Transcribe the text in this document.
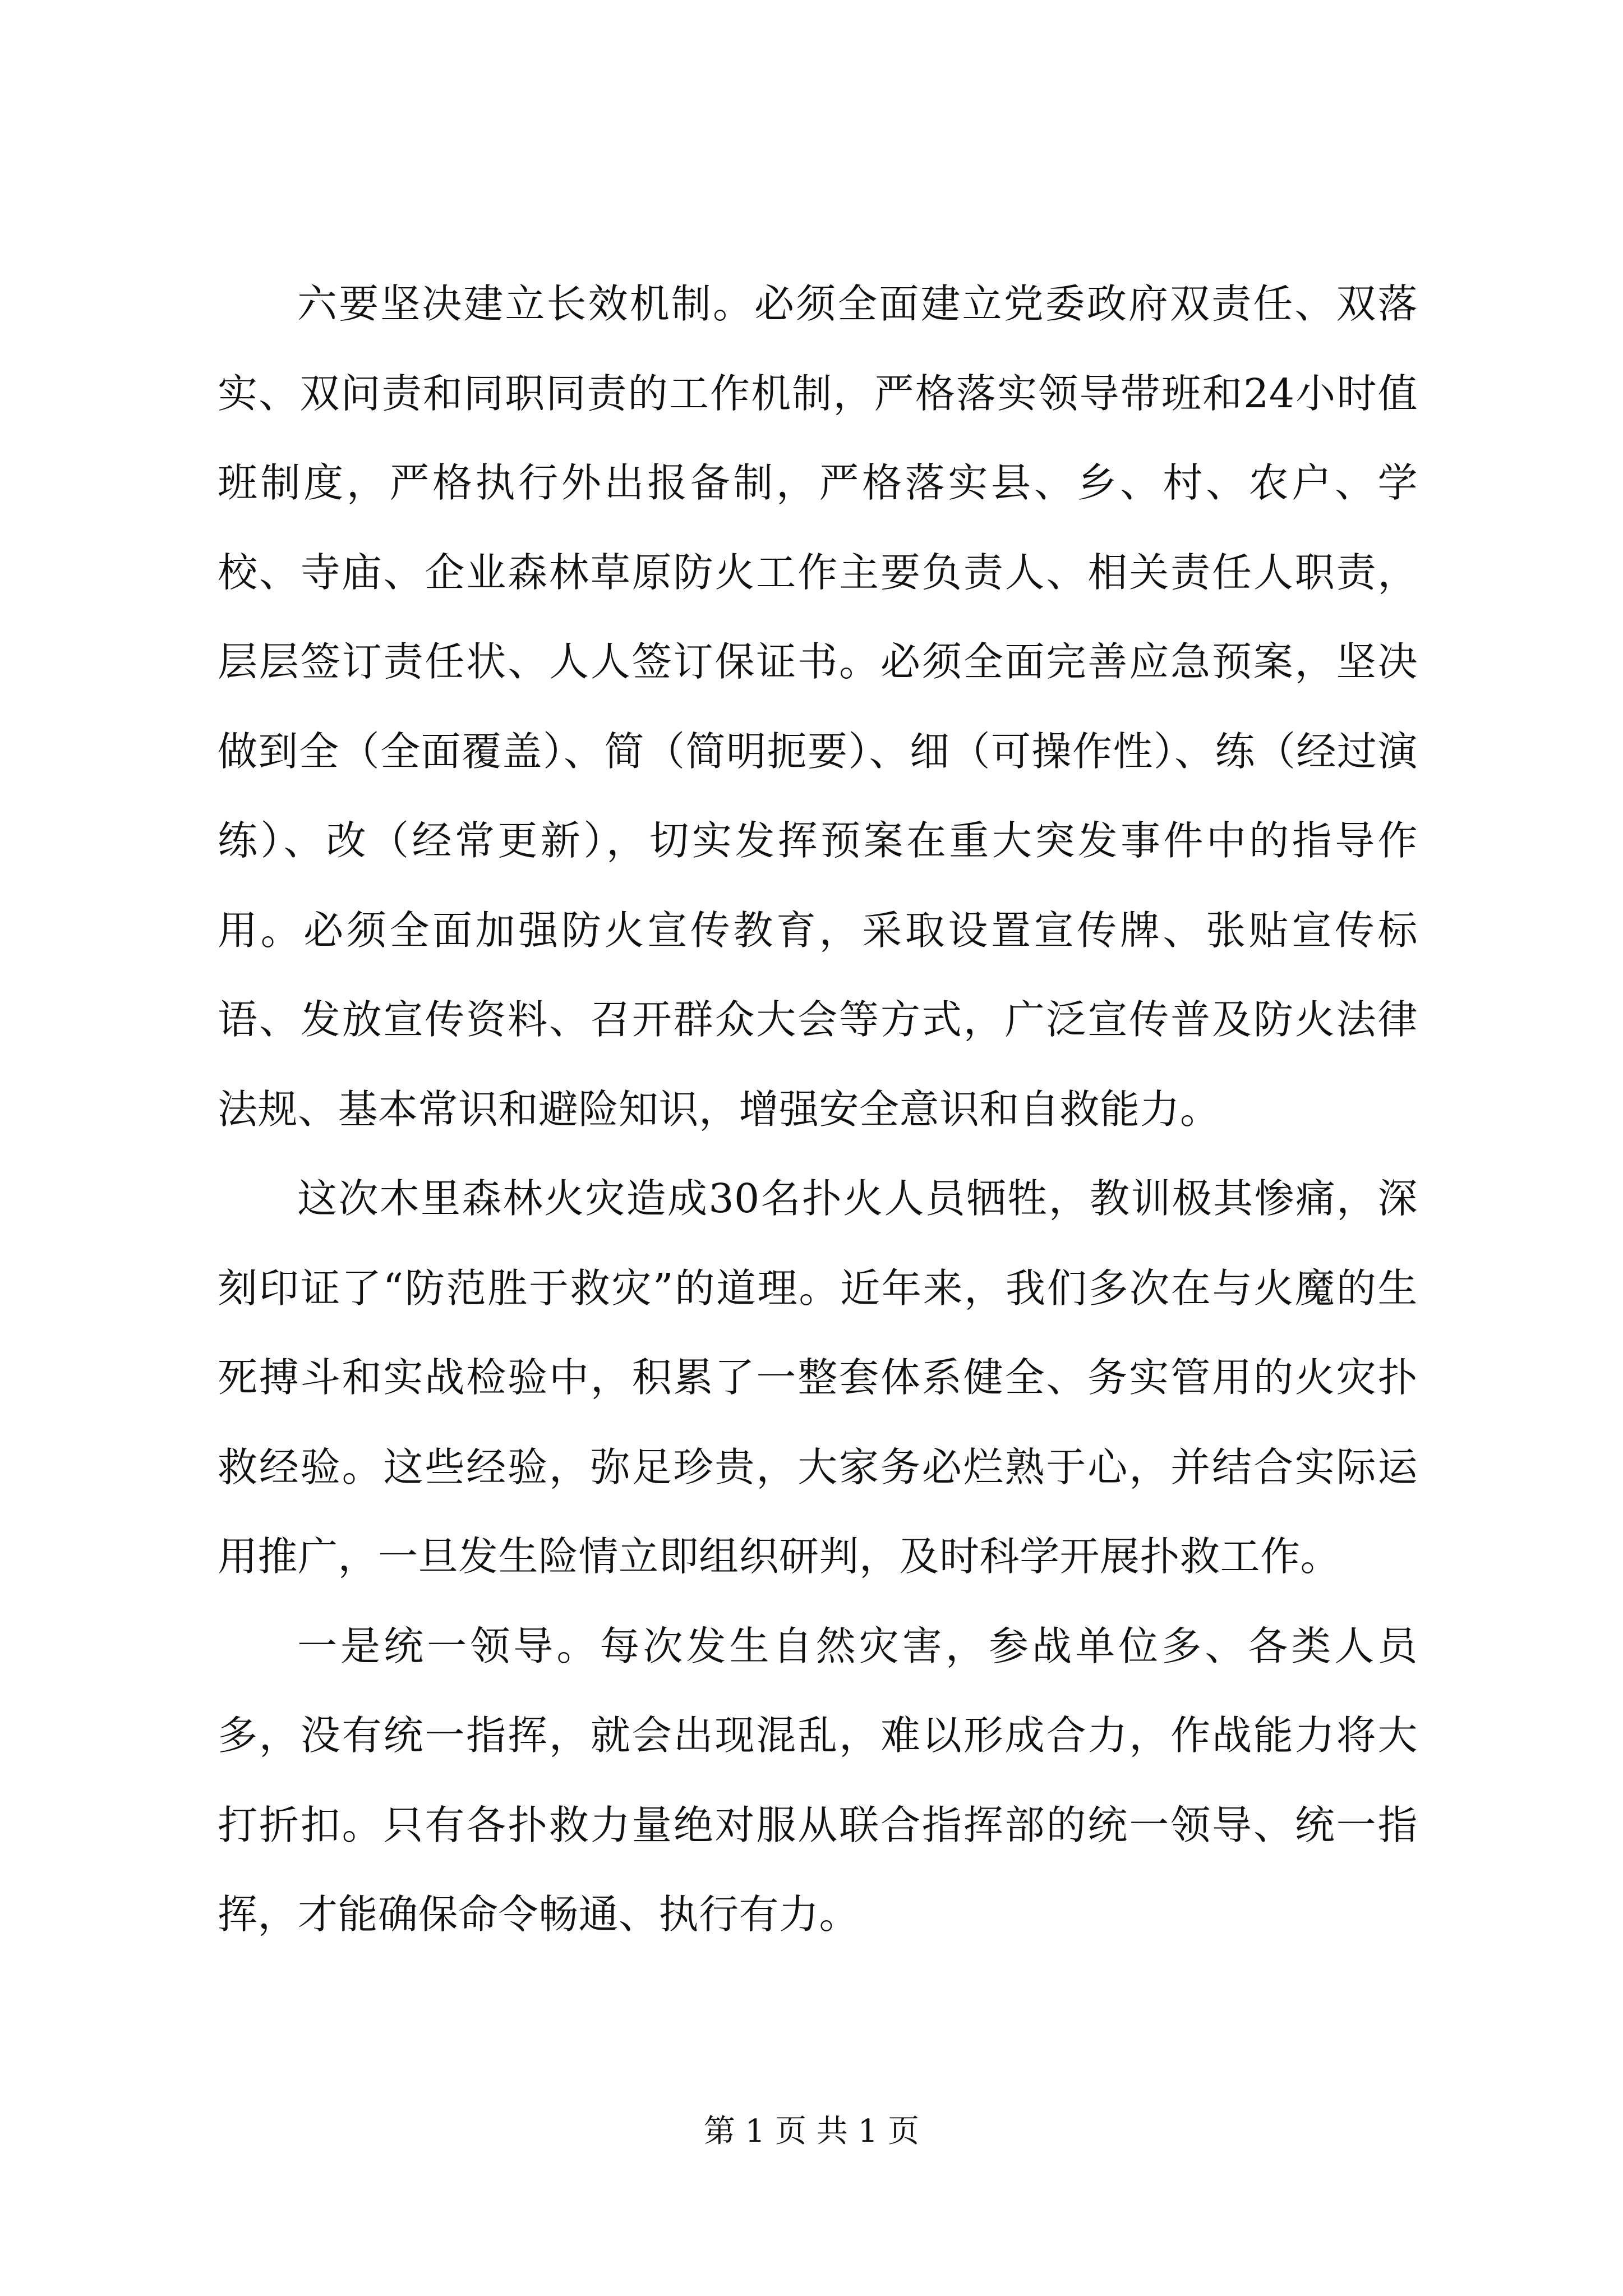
六要坚决建立长效机制。必须全面建立党委政府双责任、双落实、双问责和同职同责的工作机制，严格落实领导带班和24小时值班制度，严格执行外出报备制，严格落实县、乡、村、农户、学校、寺庙、企业森林草原防火工作主要负责人、相关责任人职责，层层签订责任状、人人签订保证书。必须全面完善应急预案，坚决做到全（全面覆盖）、简（简明扼要）、细（可操作性）、练（经过演练）、改（经常更新），切实发挥预案在重大突发事件中的指导作用。必须全面加强防火宣传教育，采取设置宣传牌、张贴宣传标语、发放宣传资料、召开群众大会等方式，广泛宣传普及防火法律法规、基本常识和避险知识，增强安全意识和自救能力。

这次木里森林火灾造成30名扑火人员牺牲，教训极其惨痛，深刻印证了“防范胜于救灾”的道理。近年来，我们多次在与火魔的生死搏斗和实战检验中，积累了一整套体系健全、务实管用的火灾扑救经验。这些经验，弥足珍贵，大家务必烂熟于心，并结合实际运用推广，一旦发生险情立即组织研判，及时科学开展扑救工作。

一是统一领导。每次发生自然灾害，参战单位多、各类人员多，没有统一指挥，就会出现混乱，难以形成合力，作战能力将大打折扣。只有各扑救力量绝对服从联合指挥部的统一领导、统一指挥，才能确保命令畅通、执行有力。

第 1 页 共 1 页
